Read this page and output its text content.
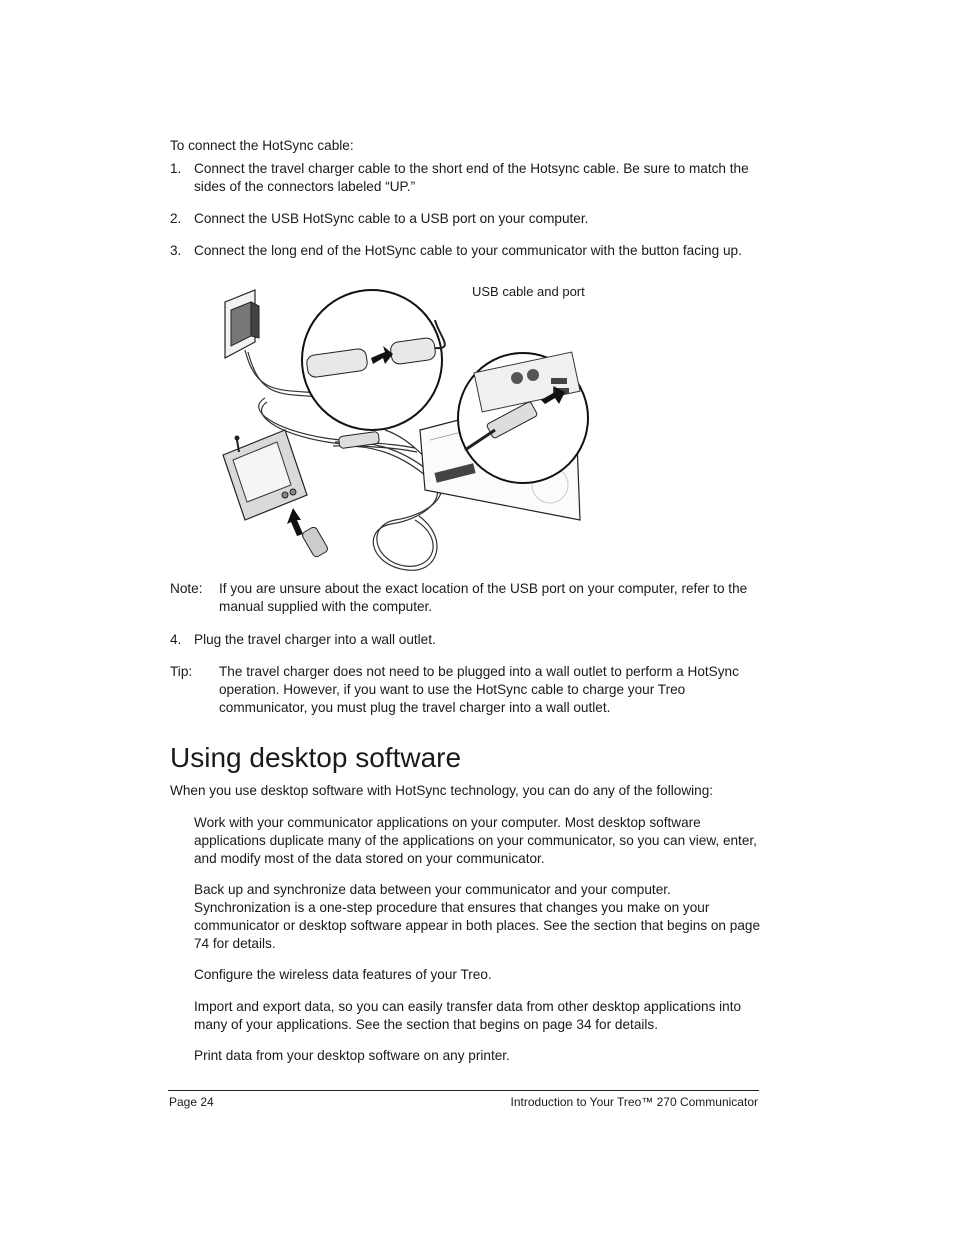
To connect the HotSync cable:
1. Connect the travel charger cable to the short end of the Hotsync cable. Be sure to match the sides of the connectors labeled “UP.”
2. Connect the USB HotSync cable to a USB port on your computer.
3. Connect the long end of the HotSync cable to your communicator with the button facing up.
USB cable and port
Note: If you are unsure about the exact location of the USB port on your computer, refer to the manual supplied with the computer.
4. Plug the travel charger into a wall outlet.
Tip: The travel charger does not need to be plugged into a wall outlet to perform a HotSync operation. However, if you want to use the HotSync cable to charge your Treo communicator, you must plug the travel charger into a wall outlet.
Using desktop software
When you use desktop software with HotSync technology, you can do any of the following:
Work with your communicator applications on your computer. Most desktop software applications duplicate many of the applications on your communicator, so you can view, enter, and modify most of the data stored on your communicator.
Back up and synchronize data between your communicator and your computer. Synchronization is a one-step procedure that ensures that changes you make on your communicator or desktop software appear in both places. See the section that begins on page 74 for details.
Configure the wireless data features of your Treo.
Import and export data, so you can easily transfer data from other desktop applications into many of your applications. See the section that begins on page 34 for details.
Print data from your desktop software on any printer.
Page 24	Introduction to Your Treo™ 270 Communicator
